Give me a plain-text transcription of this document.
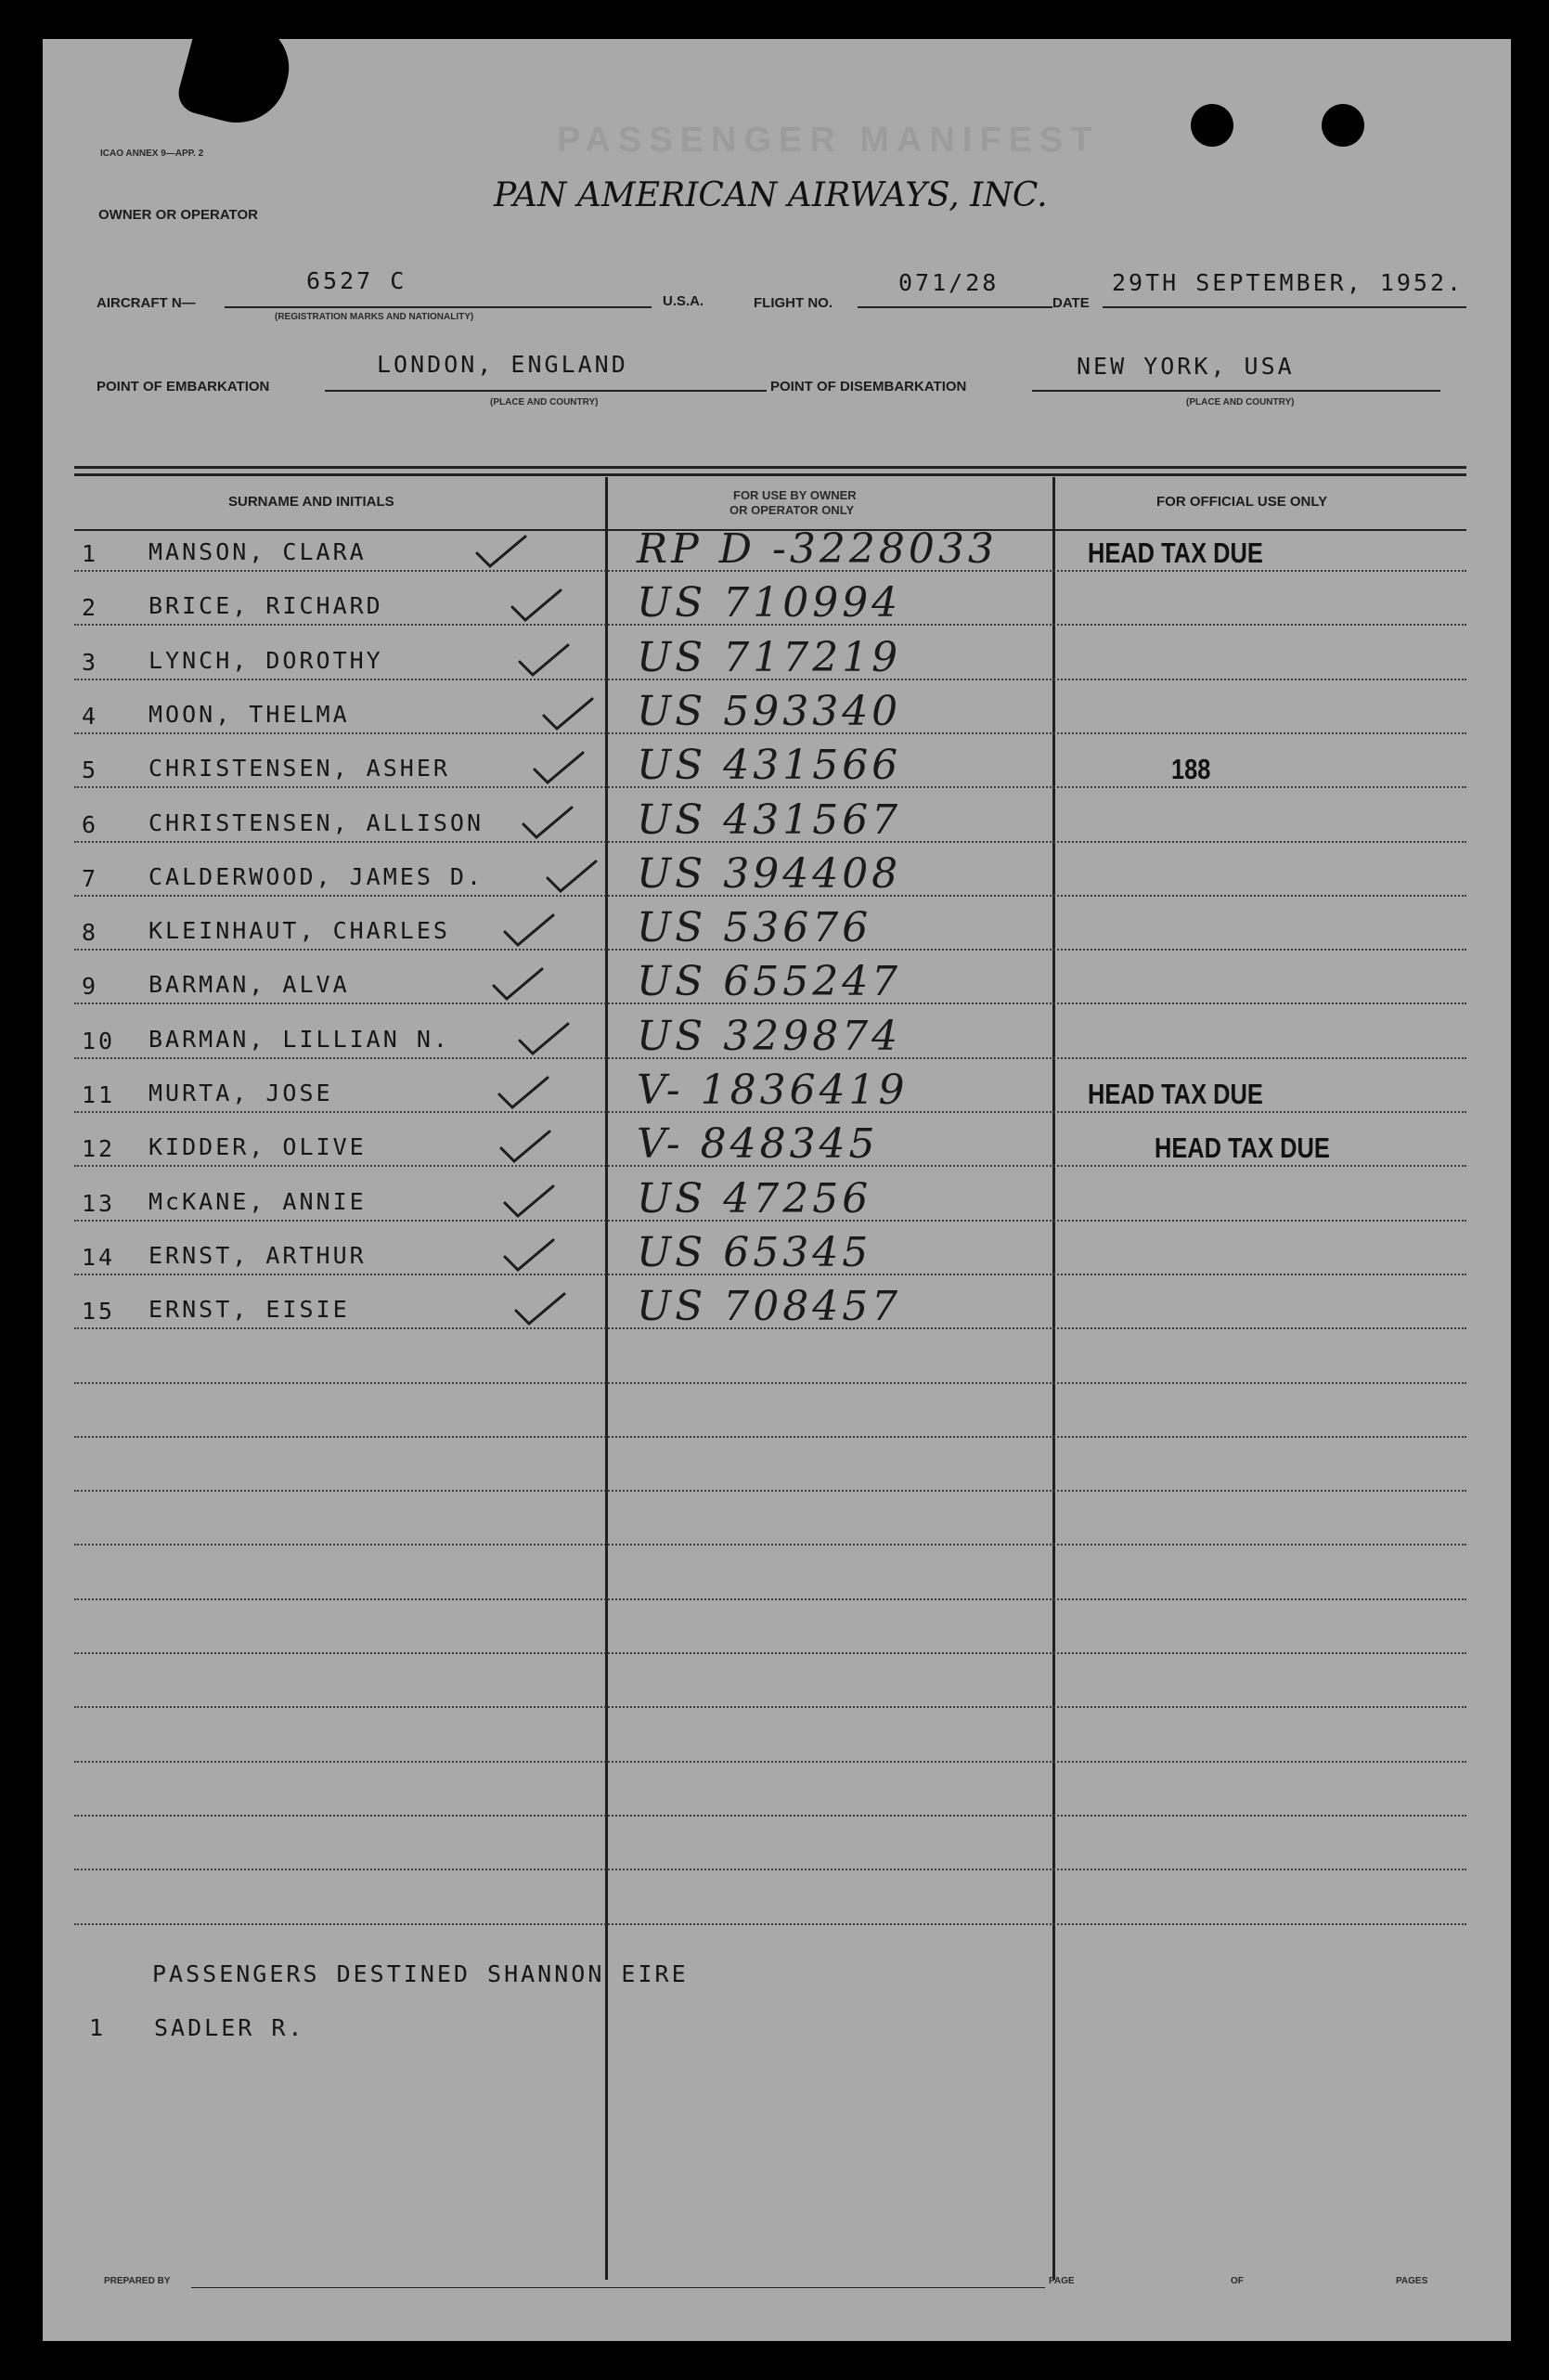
PASSENGER MANIFEST
ICAO ANNEX 9—APP. 2
OWNER OR OPERATOR
PAN AMERICAN AIRWAYS, INC.
AIRCRAFT N—
6527 C
(REGISTRATION MARKS AND NATIONALITY)
U.S.A.	FLIGHT NO.
071/28
DATE
29TH SEPTEMBER, 1952.
POINT OF EMBARKATION
LONDON, ENGLAND
(PLACE AND COUNTRY)
POINT OF DISEMBARKATION
NEW YORK, USA
(PLACE AND COUNTRY)
SURNAME AND INITIALS	FOR USE BY OWNER
OR OPERATOR ONLY
FOR OFFICIAL USE ONLY
1 MANSON, CLARA	RP D -3228033	HEAD TAX DUE
2 BRICE, RICHARD	US 710994
3 LYNCH, DOROTHY	US 717219
4 MOON, THELMA	US 593340
5 CHRISTENSEN, ASHER	US 431566	188
6 CHRISTENSEN, ALLISON	US 431567
7 CALDERWOOD, JAMES D.	US 394408
8 KLEINHAUT, CHARLES	US 53676
9 BARMAN, ALVA	US 655247
10 BARMAN, LILLIAN N.	US 329874
11 MURTA, JOSE	V- 1836419	HEAD TAX DUE
12 KIDDER, OLIVE	V- 848345	HEAD TAX DUE
13 McKANE, ANNIE	US 47256
14 ERNST, ARTHUR	US 65345
15 ERNST, EISIE	US 708457
PASSENGERS DESTINED SHANNON EIRE
1 SADLER R.
PREPARED BY	PAGE	OF	PAGES
